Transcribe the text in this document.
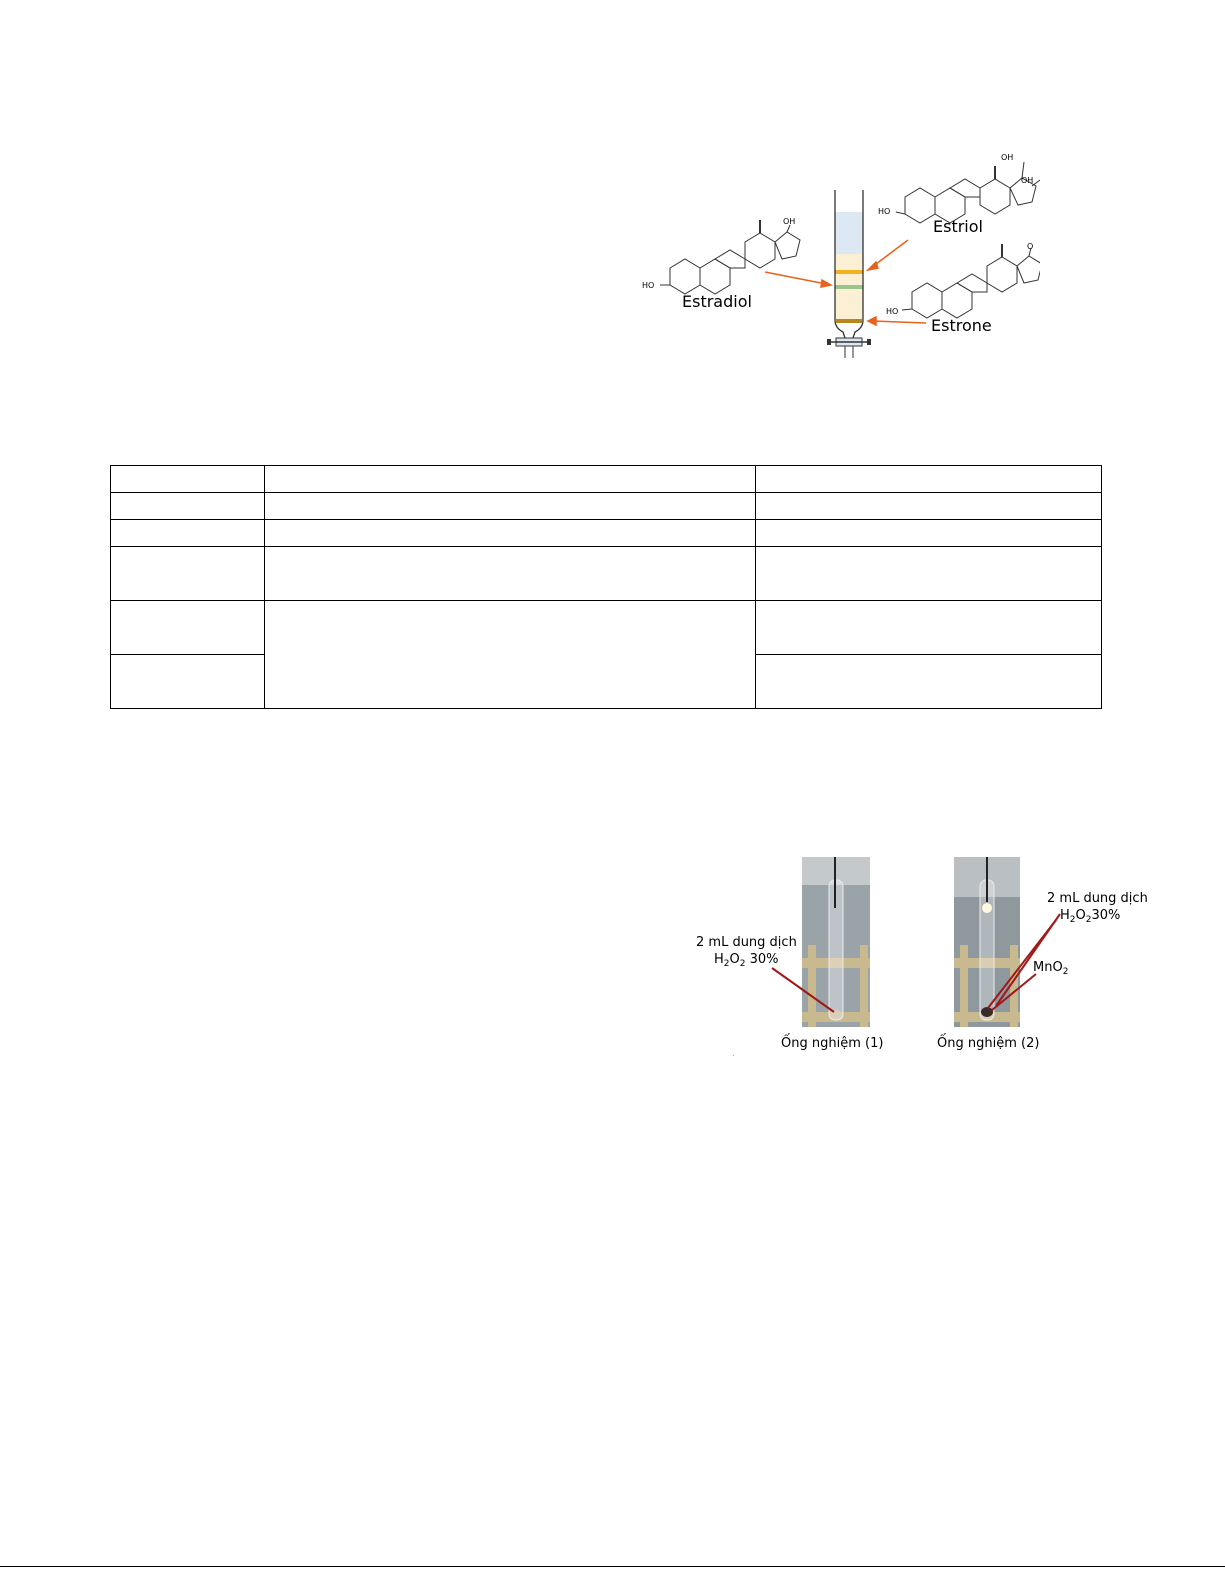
OH
OH
HO
Estriol
OH
HO
Estradiol
O
HO
Estrone

2 mL dung dịch
$H_2O_2$ 30%
Ống nghiệm (1)
2 mL dung dịch
$H_2O_230\%$
MnO$_2$
Ống nghiệm (2)
.
